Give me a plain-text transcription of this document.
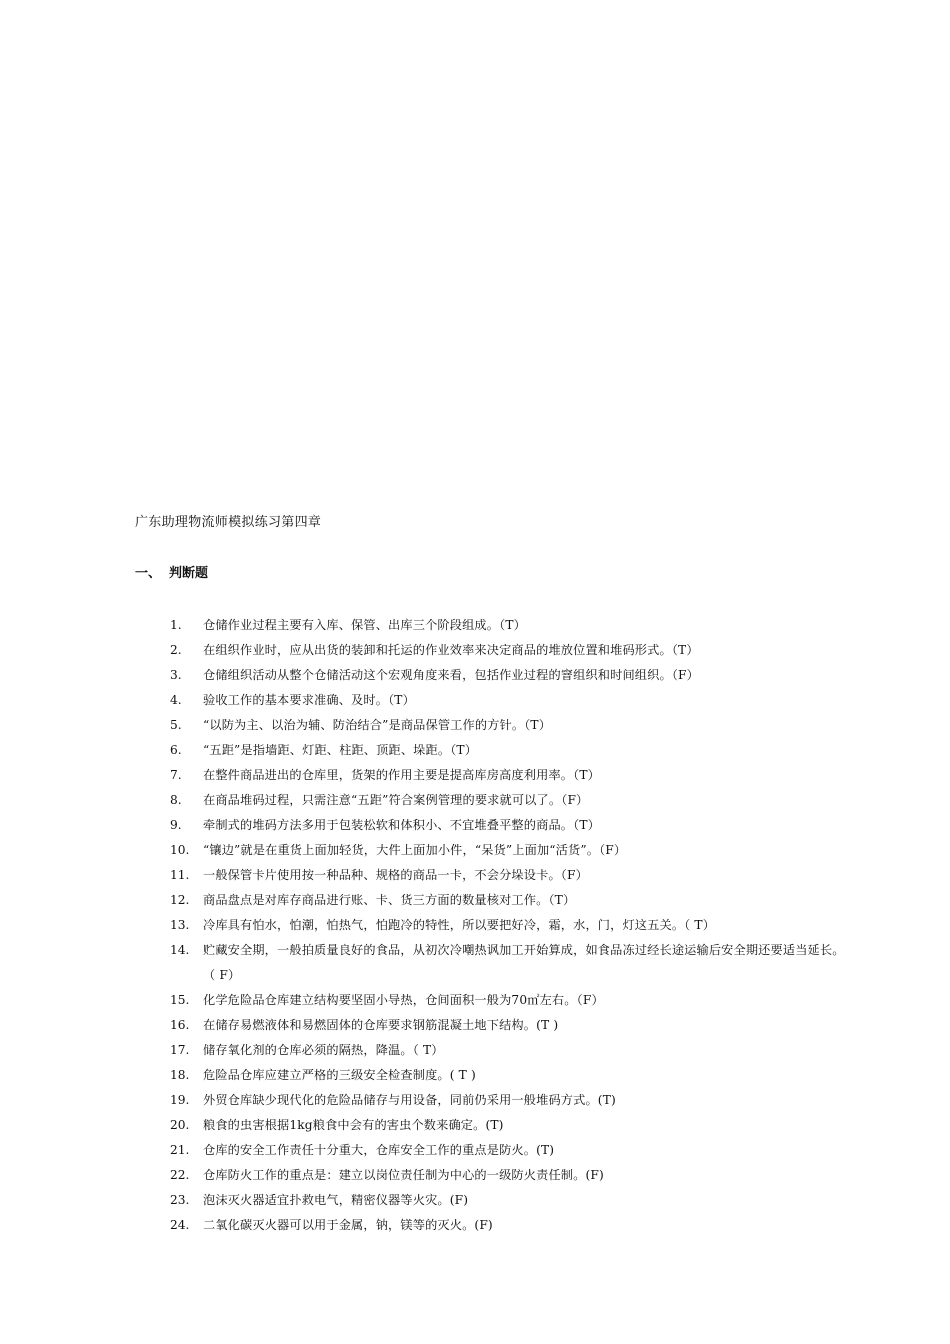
广东助理物流师模拟练习第四章
一、 判断题
1.	仓储作业过程主要有入库、保管、出库三个阶段组成。（T）
2.	在组织作业时，应从出货的装卸和托运的作业效率来决定商品的堆放位置和堆码形式。（T）
3.	仓储组织活动从整个仓储活动这个宏观角度来看，包括作业过程的窨组织和时间组织。（F）
4.	验收工作的基本要求准确、及时。（T）
5.	“以防为主、以治为辅、防治结合”是商品保管工作的方针。（T）
6.	“五距”是指墙距、灯距、柱距、顶距、垛距。（T）
7.	在整件商品进出的仓库里，货架的作用主要是提高库房高度利用率。（T）
8.	在商品堆码过程，只需注意“五距”符合案例管理的要求就可以了。（F）
9.	牵制式的堆码方法多用于包装松软和体积小、不宜堆叠平整的商品。（T）
10.	“镶边”就是在重货上面加轻货，大件上面加小件，“呆货”上面加“活货”。（F）
11.	一般保管卡片使用按一种品种、规格的商品一卡，不会分垛设卡。（F）
12.	商品盘点是对库存商品进行账、卡、货三方面的数量核对工作。（T）
13.	冷库具有怕水，怕潮，怕热气，怕跑冷的特性，所以要把好冷，霜，水，门，灯这五关。（ T）
14.	贮藏安全期，一般拍质量良好的食品，从初次冷嘲热讽加工开始算成，如食品冻过经长途运输后安全期还要适当延长。（ F）
15.	化学危险品仓库建立结构要坚固小导热，仓间面积一般为70㎡左右。（F）
16.	在储存易燃液体和易燃固体的仓库要求钢筋混凝土地下结构。(T )
17.	储存氧化剂的仓库必须的隔热，降温。（ T）
18.	危险品仓库应建立严格的三级安全检查制度。( T )
19.	外贸仓库缺少现代化的危险品储存与用设备，同前仍采用一般堆码方式。(T)
20.	粮食的虫害根据1kg粮食中会有的害虫个数来确定。(T)
21.	仓库的安全工作责任十分重大，仓库安全工作的重点是防火。(T)
22.	仓库防火工作的重点是：建立以岗位责任制为中心的一级防火责任制。(F)
23.	泡沫灭火器适宜扑救电气，精密仪器等火灾。(F)
24.	二氧化碳灭火器可以用于金属，钠，镁等的灭火。(F)
